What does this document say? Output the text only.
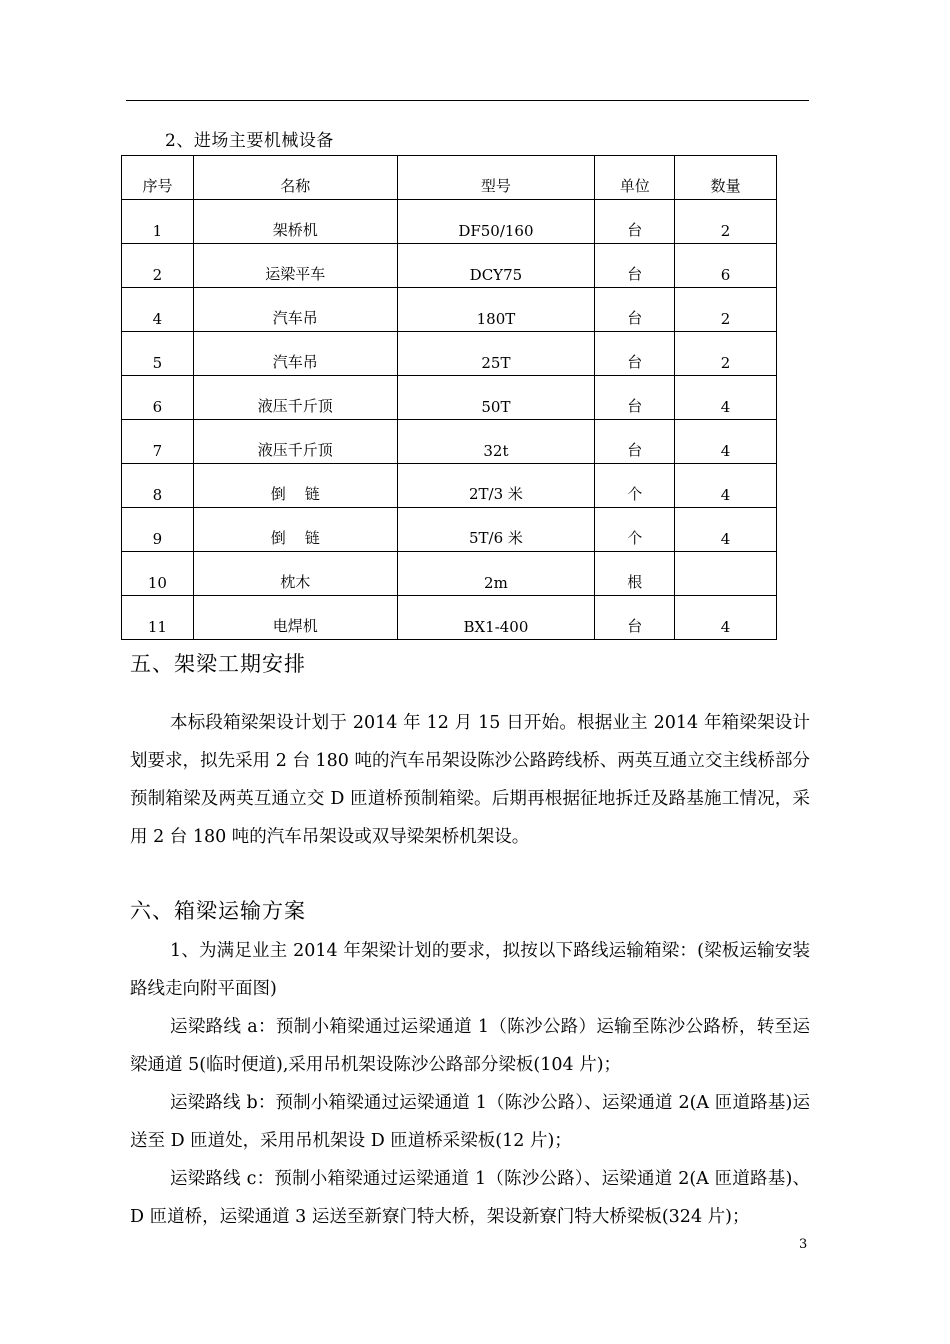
2、进场主要机械设备
序号	名称	型号	单位	数量
1	架桥机	DF50/160	台	2
2	运梁平车	DCY75	台	6
4	汽车吊	180T	台	2
5	汽车吊	25T	台	2
6	液压千斤顶	50T	台	4
7	液压千斤顶	32t	台	4
8	倒    链	2T/3 米	个	4
9	倒    链	5T/6 米	个	4
10	枕木	2m	根	
11	电焊机	BX1-400	台	4
五、架梁工期安排

本标段箱梁架设计划于 2014 年 12 月 15 日开始。根据业主 2014 年箱梁架设计划要求，拟先采用 2 台 180 吨的汽车吊架设陈沙公路跨线桥、两英互通立交主线桥部分预制箱梁及两英互通立交 D 匝道桥预制箱梁。后期再根据征地拆迁及路基施工情况，采用 2 台 180 吨的汽车吊架设或双导梁架桥机架设。

六、箱梁运输方案

1、为满足业主 2014 年架梁计划的要求，拟按以下路线运输箱梁：(梁板运输安装路线走向附平面图)

运梁路线 a：预制小箱梁通过运梁通道 1（陈沙公路）运输至陈沙公路桥，转至运梁通道 5(临时便道),采用吊机架设陈沙公路部分梁板(104 片)；

运梁路线 b：预制小箱梁通过运梁通道 1（陈沙公路）、运梁通道 2(A 匝道路基)运送至 D 匝道处，采用吊机架设 D 匝道桥采梁板(12 片)；

运梁路线 c：预制小箱梁通过运梁通道 1（陈沙公路）、运梁通道 2(A 匝道路基)、D 匝道桥，运梁通道 3 运送至新寮门特大桥，架设新寮门特大桥梁板(324 片)；

3
